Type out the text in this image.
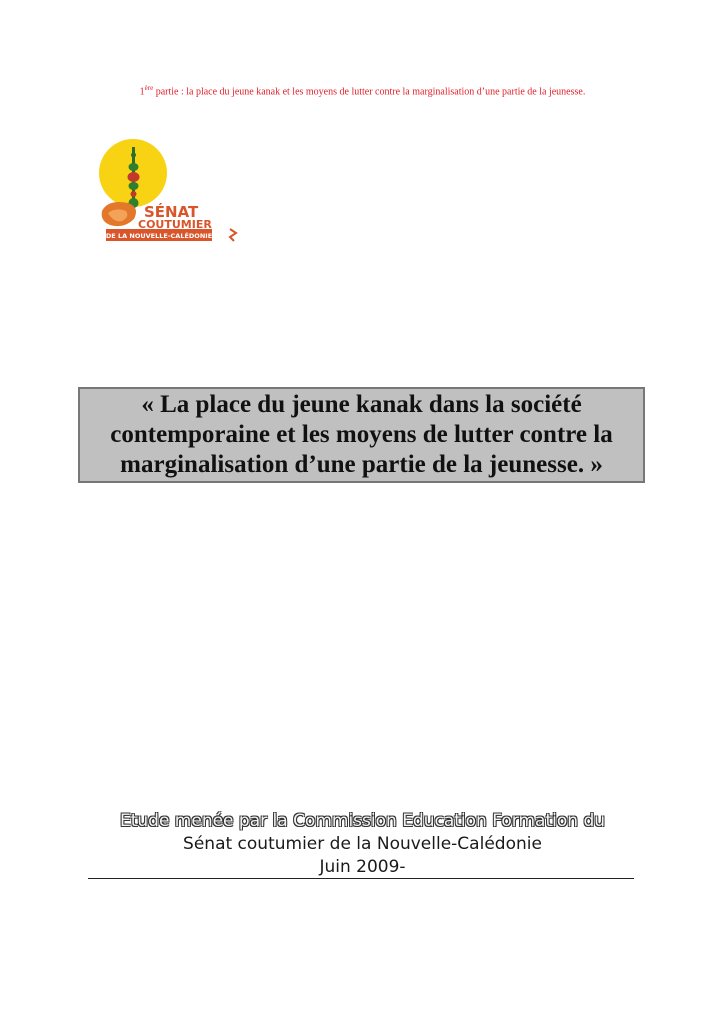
1ère partie : la place du jeune kanak et les moyens de lutter contre la marginalisation d’une partie de la jeunesse.
DE LA NOUVELLE-CALÉDONIE
SÉNAT
COUTUMIER
« La place du jeune kanak dans la société
contemporaine et les moyens de lutter contre la
marginalisation d’une partie de la jeunesse. »
Etude menée par la Commission Education Formation du
Sénat coutumier de la Nouvelle-Calédonie
Juin 2009-
